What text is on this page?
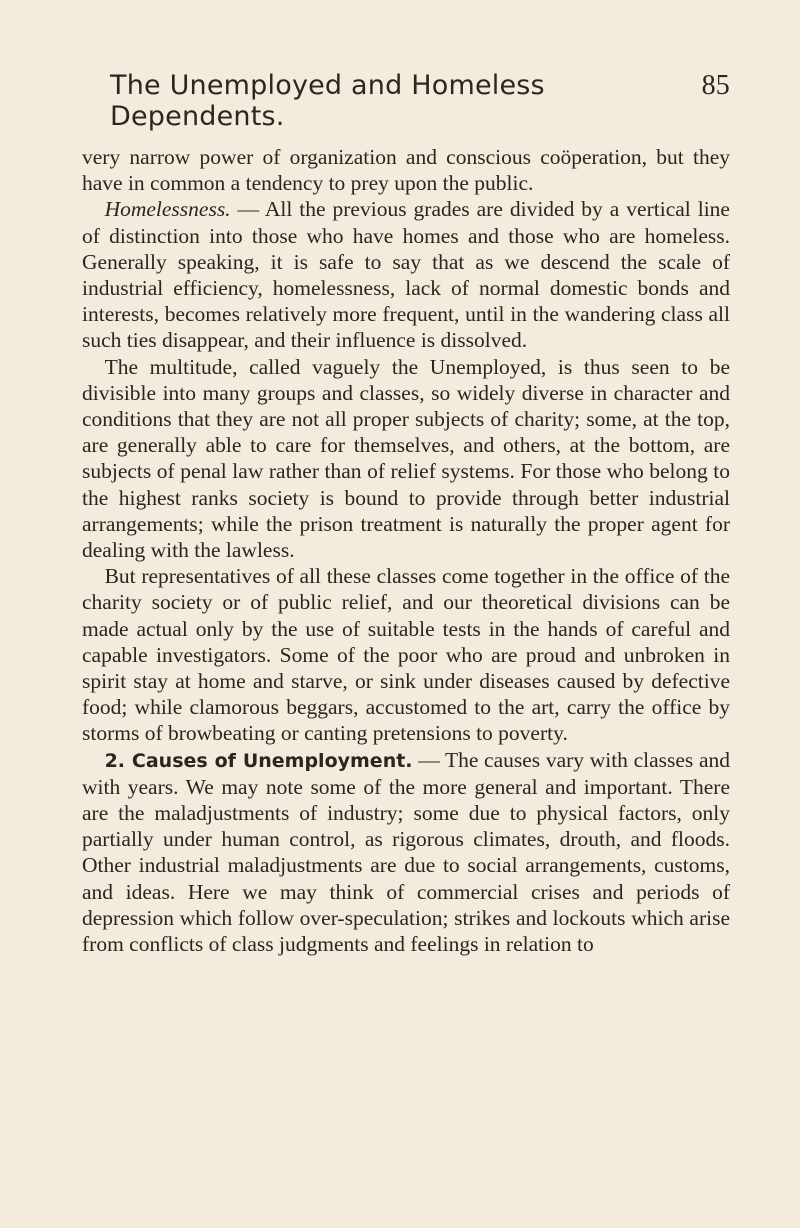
The Unemployed and Homeless Dependents.
85

very narrow power of organization and conscious coöperation, but they have in common a tendency to prey upon the public.

Homelessness. — All the previous grades are divided by a vertical line of distinction into those who have homes and those who are homeless. Generally speaking, it is safe to say that as we descend the scale of industrial efficiency, homelessness, lack of normal domestic bonds and interests, becomes relatively more frequent, until in the wandering class all such ties disappear, and their influence is dissolved.

The multitude, called vaguely the Unemployed, is thus seen to be divisible into many groups and classes, so widely diverse in character and conditions that they are not all proper subjects of charity; some, at the top, are generally able to care for themselves, and others, at the bottom, are subjects of penal law rather than of relief systems. For those who belong to the highest ranks society is bound to provide through better industrial arrangements; while the prison treatment is naturally the proper agent for dealing with the lawless.

But representatives of all these classes come together in the office of the charity society or of public relief, and our theoretical divisions can be made actual only by the use of suitable tests in the hands of careful and capable investigators. Some of the poor who are proud and unbroken in spirit stay at home and starve, or sink under diseases caused by defective food; while clamorous beggars, accustomed to the art, carry the office by storms of browbeating or canting pretensions to poverty.

2. Causes of Unemployment. — The causes vary with classes and with years. We may note some of the more general and important. There are the maladjustments of industry; some due to physical factors, only partially under human control, as rigorous climates, drouth, and floods. Other industrial maladjustments are due to social arrangements, customs, and ideas. Here we may think of commercial crises and periods of depression which follow over-speculation; strikes and lockouts which arise from conflicts of class judgments and feelings in relation to
